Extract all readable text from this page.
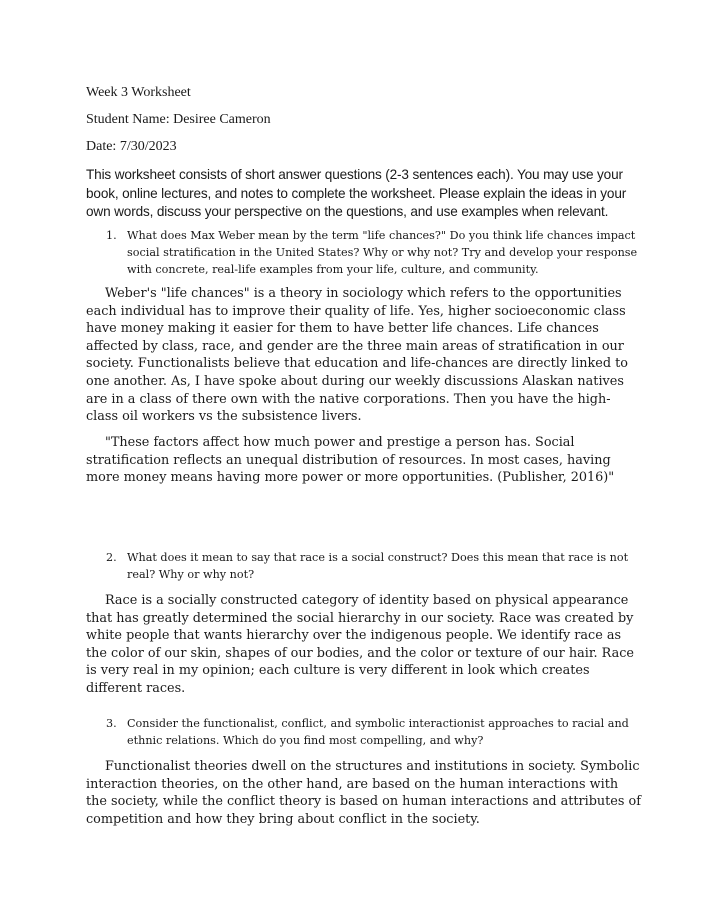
Week 3 Worksheet
Student Name: Desiree Cameron
Date: 7/30/2023
This worksheet consists of short answer questions (2-3 sentences each). You may use your book, online lectures, and notes to complete the worksheet. Please explain the ideas in your own words, discuss your perspective on the questions, and use examples when relevant.
1. What does Max Weber mean by the term "life chances?" Do you think life chances impact social stratification in the United States? Why or why not? Try and develop your response with concrete, real-life examples from your life, culture, and community.
Weber's "life chances" is a theory in sociology which refers to the opportunities each individual has to improve their quality of life. Yes, higher socioeconomic class have money making it easier for them to have better life chances. Life chances affected by class, race, and gender are the three main areas of stratification in our society. Functionalists believe that education and life-chances are directly linked to one another. As, I have spoke about during our weekly discussions Alaskan natives are in a class of there own with the native corporations. Then you have the high-class oil workers vs the subsistence livers.
"These factors affect how much power and prestige a person has. Social stratification reflects an unequal distribution of resources. In most cases, having more money means having more power or more opportunities. (Publisher, 2016)"
2. What does it mean to say that race is a social construct? Does this mean that race is not real? Why or why not?
Race is a socially constructed category of identity based on physical appearance that has greatly determined the social hierarchy in our society. Race was created by white people that wants hierarchy over the indigenous people. We identify race as the color of our skin, shapes of our bodies, and the color or texture of our hair. Race is very real in my opinion; each culture is very different in look which creates different races.
3. Consider the functionalist, conflict, and symbolic interactionist approaches to racial and ethnic relations. Which do you find most compelling, and why?
Functionalist theories dwell on the structures and institutions in society. Symbolic interaction theories, on the other hand, are based on the human interactions with the society, while the conflict theory is based on human interactions and attributes of competition and how they bring about conflict in the society.
